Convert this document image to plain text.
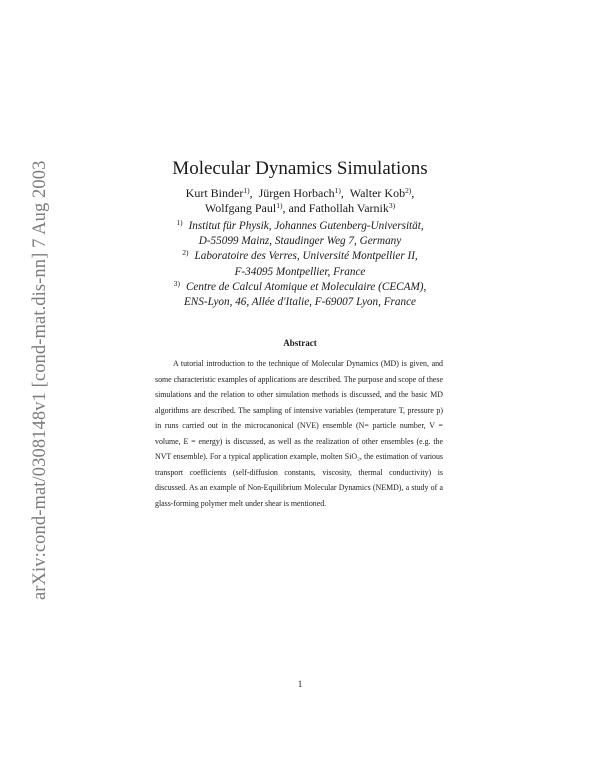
arXiv:cond-mat/0308148v1 [cond-mat.dis-nn] 7 Aug 2003	Molecular Dynamics Simulations
Kurt Binder$^{1)}$,  Jürgen Horbach$^{1)}$,  Walter Kob$^{2)}$,
Wolfgang Paul$^{1)}$, and Fathollah Varnik$^{3)}$
$^{1)}$ Institut für Physik, Johannes Gutenberg-Universität,
D-55099 Mainz, Staudinger Weg 7, Germany
$^{2)}$ Laboratoire des Verres, Université Montpellier II,
F-34095 Montpellier, France
$^{3)}$ Centre de Calcul Atomique et Moleculaire (CECAM),
ENS-Lyon, 46, Allée d'Italie, F-69007 Lyon, France
Abstract
A tutorial introduction to the technique of Molecular Dynamics (MD) is given, and some characteristic examples of applications are described. The purpose and scope of these simulations and the relation to other simulation methods is discussed, and the basic MD algorithms are described. The sampling of intensive variables (temperature T, pressure p) in runs carried out in the microcanonical (NVE) ensemble (N= particle number, V = volume, E = energy) is discussed, as well as the realization of other ensembles (e.g. the NVT ensemble). For a typical application example, molten SiO₂, the estimation of various transport coefficients (self-diffusion constants, viscosity, thermal conductivity) is discussed. As an example of Non-Equilibrium Molecular Dynamics (NEMD), a study of a glass-forming polymer melt under shear is mentioned.
1
